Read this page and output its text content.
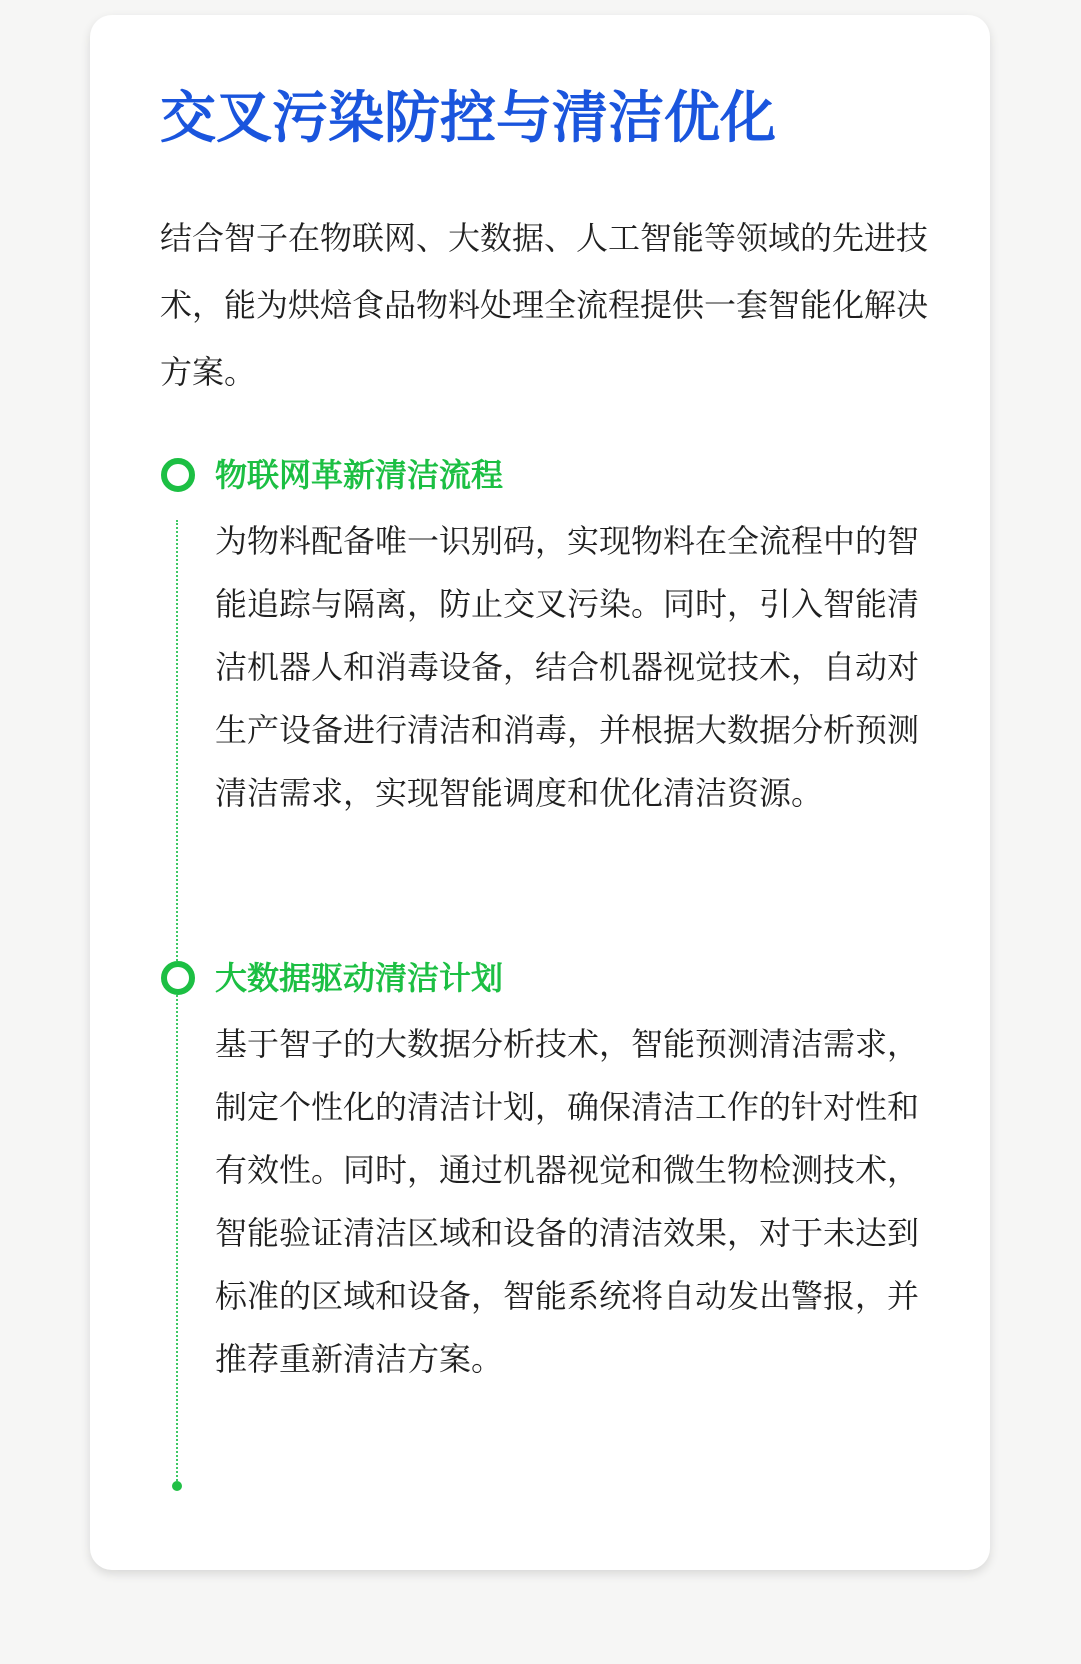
交叉污染防控与清洁优化

结合智子在物联网、大数据、人工智能等领域的先进技术，能为烘焙食品物料处理全流程提供一套智能化解决方案。

物联网革新清洁流程

为物料配备唯一识别码，实现物料在全流程中的智能追踪与隔离，防止交叉污染。同时，引入智能清洁机器人和消毒设备，结合机器视觉技术，自动对生产设备进行清洁和消毒，并根据大数据分析预测清洁需求，实现智能调度和优化清洁资源。

大数据驱动清洁计划

基于智子的大数据分析技术，智能预测清洁需求，制定个性化的清洁计划，确保清洁工作的针对性和有效性。同时，通过机器视觉和微生物检测技术，智能验证清洁区域和设备的清洁效果，对于未达到标准的区域和设备，智能系统将自动发出警报，并推荐重新清洁方案。
